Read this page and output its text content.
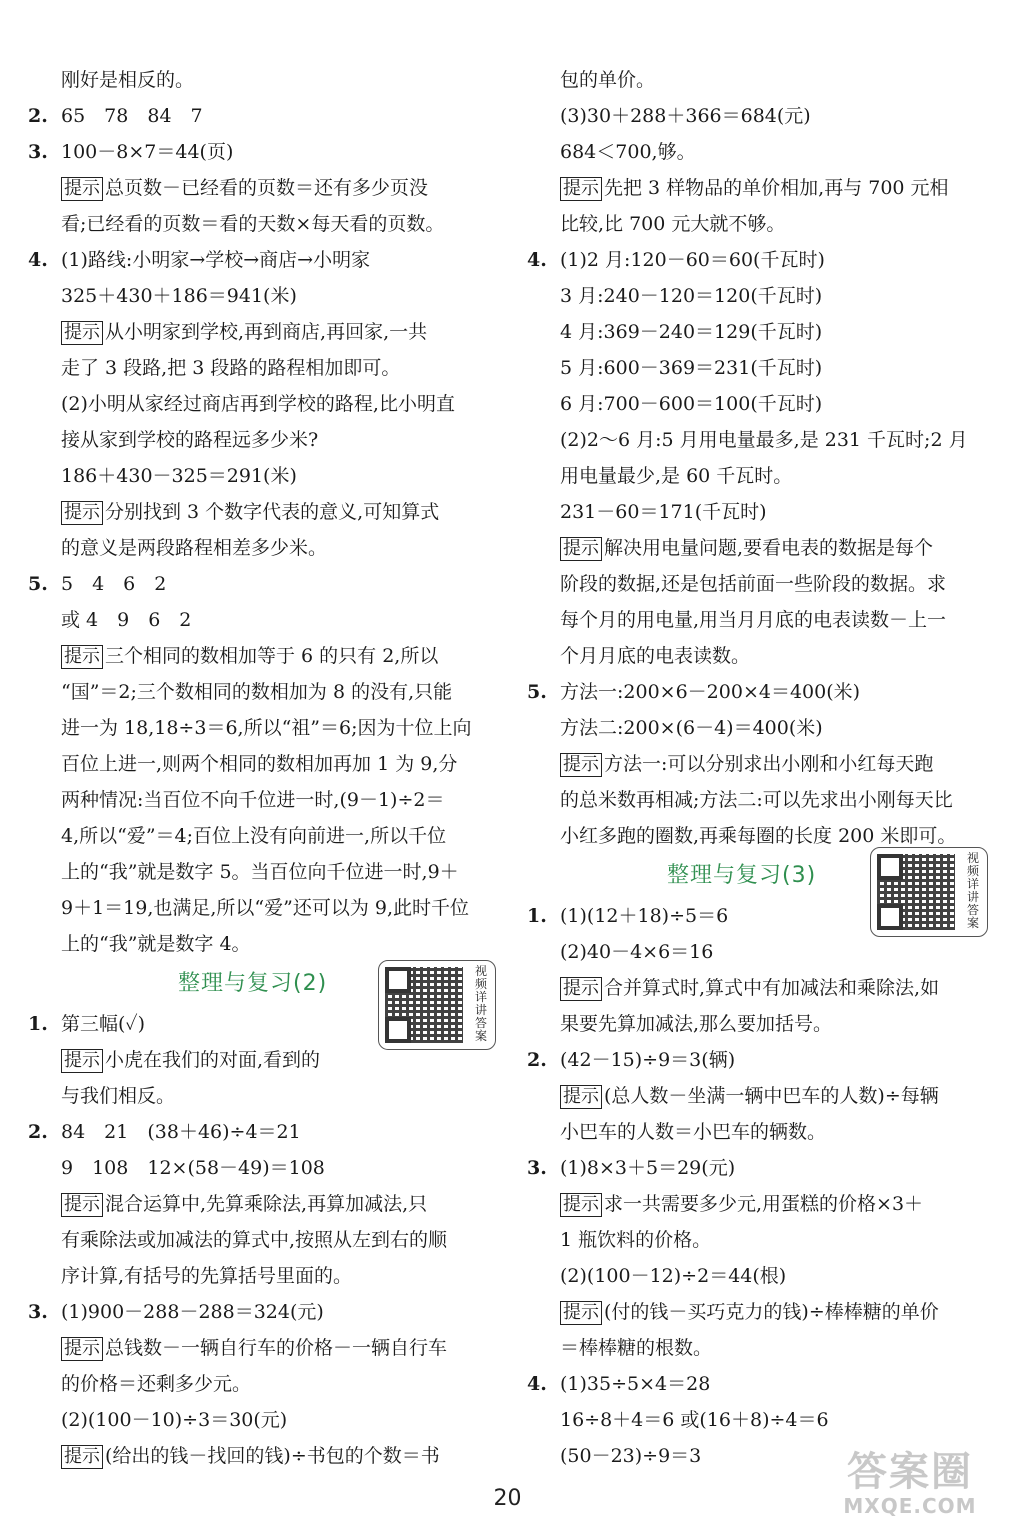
刚好是相反的。
2. 65　78　84　7
3. 100－8×7＝44(页)
提示 总页数－已经看的页数＝还有多少页没
看;已经看的页数＝看的天数×每天看的页数。
4. (1)路线:小明家→学校→商店→小明家
325＋430＋186＝941(米)
提示 从小明家到学校,再到商店,再回家,一共
走了 3 段路,把 3 段路的路程相加即可。
(2)小明从家经过商店再到学校的路程,比小明直
接从家到学校的路程远多少米?
186＋430－325＝291(米)
提示 分别找到 3 个数字代表的意义,可知算式
的意义是两段路程相差多少米。
5. 5　4　6　2
或 4　9　6　2
提示 三个相同的数相加等于 6 的只有 2,所以
“国”＝2;三个数相同的数相加为 8 的没有,只能
进一为 18,18÷3＝6,所以“祖”＝6;因为十位上向
百位上进一,则两个相同的数相加再加 1 为 9,分
两种情况:当百位不向千位进一时,(9－1)÷2＝
4,所以“爱”＝4;百位上没有向前进一,所以千位
上的“我”就是数字 5。当百位向千位进一时,9＋
9＋1＝19,也满足,所以“爱”还可以为 9,此时千位
上的“我”就是数字 4。
整理与复习(2)
1. 第三幅(✓)
提示 小虎在我们的对面,看到的
与我们相反。
2. 84　21　(38＋46)÷4＝21
9　108　12×(58－49)＝108
提示 混合运算中,先算乘除法,再算加减法,只
有乘除法或加减法的算式中,按照从左到右的顺
序计算,有括号的先算括号里面的。
3. (1)900－288－288＝324(元)
提示 总钱数－一辆自行车的价格－一辆自行车
的价格＝还剩多少元。
(2)(100－10)÷3＝30(元)
提示 (给出的钱－找回的钱)÷书包的个数＝书
包的单价。
(3)30＋288＋366＝684(元)
684＜700,够。
提示 先把 3 样物品的单价相加,再与 700 元相
比较,比 700 元大就不够。
4. (1)2 月:120－60＝60(千瓦时)
3 月:240－120＝120(千瓦时)
4 月:369－240＝129(千瓦时)
5 月:600－369＝231(千瓦时)
6 月:700－600＝100(千瓦时)
(2)2～6 月:5 月用电量最多,是 231 千瓦时;2 月
用电量最少,是 60 千瓦时。
231－60＝171(千瓦时)
提示 解决用电量问题,要看电表的数据是每个
阶段的数据,还是包括前面一些阶段的数据。求
每个月的用电量,用当月月底的电表读数－上一
个月月底的电表读数。
5. 方法一:200×6－200×4＝400(米)
方法二:200×(6－4)＝400(米)
提示 方法一:可以分别求出小刚和小红每天跑
的总米数再相减;方法二:可以先求出小刚每天比
小红多跑的圈数,再乘每圈的长度 200 米即可。
整理与复习(3)
1. (1)(12＋18)÷5＝6
(2)40－4×6＝16
提示 合并算式时,算式中有加减法和乘除法,如
果要先算加减法,那么要加括号。
2. (42－15)÷9＝3(辆)
提示 (总人数－坐满一辆中巴车的人数)÷每辆
小巴车的人数＝小巴车的辆数。
3. (1)8×3＋5＝29(元)
提示 求一共需要多少元,用蛋糕的价格×3＋
1 瓶饮料的价格。
(2)(100－12)÷2＝44(根)
提示 (付的钱－买巧克力的钱)÷棒棒糖的单价
＝棒棒糖的根数。
4. (1)35÷5×4＝28
16÷8＋4＝6 或(16＋8)÷4＝6
(50－23)÷9＝3
视频详讲答案
视频详讲答案
20
答案圈
MXQE.COM
